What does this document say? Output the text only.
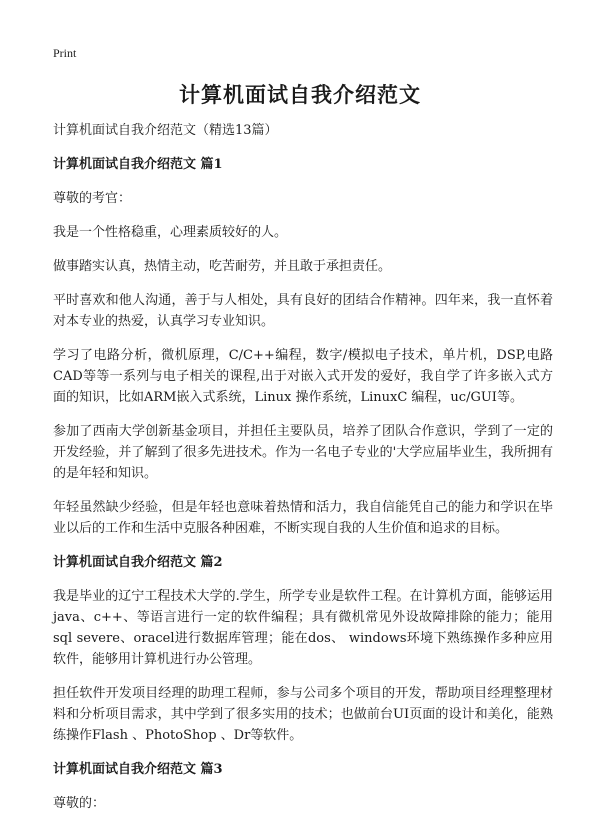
Print
计算机面试自我介绍范文

计算机面试自我介绍范文（精选13篇）

计算机面试自我介绍范文 篇1

尊敬的考官：

我是一个性格稳重，心理素质较好的人。

做事踏实认真，热情主动，吃苦耐劳，并且敢于承担责任。

平时喜欢和他人沟通，善于与人相处，具有良好的团结合作精神。四年来，我一直怀着对本专业的热爱，认真学习专业知识。

学习了电路分析，微机原理，C/C++编程，数字/模拟电子技术，单片机，DSP,电路CAD等等一系列与电子相关的课程,出于对嵌入式开发的爱好，我自学了许多嵌入式方面的知识，比如ARM嵌入式系统，Linux 操作系统，LinuxC 编程，uc/GUI等。

参加了西南大学创新基金项目，并担任主要队员，培养了团队合作意识，学到了一定的开发经验，并了解到了很多先进技术。作为一名电子专业的'大学应届毕业生，我所拥有的是年轻和知识。

年轻虽然缺少经验，但是年轻也意味着热情和活力，我自信能凭自己的能力和学识在毕业以后的工作和生活中克服各种困难，不断实现自我的人生价值和追求的目标。

计算机面试自我介绍范文 篇2

我是毕业的辽宁工程技术大学的.学生，所学专业是软件工程。在计算机方面，能够运用java、c++、等语言进行一定的软件编程；具有微机常见外设故障排除的能力；能用sql severe、oracel进行数据库管理；能在dos、 windows环境下熟练操作多种应用软件，能够用计算机进行办公管理。

担任软件开发项目经理的助理工程师，参与公司多个项目的开发，帮助项目经理整理材料和分析项目需求，其中学到了很多实用的技术；也做前台UI页面的设计和美化，能熟练操作Flash 、PhotoShop 、Dr等软件。

计算机面试自我介绍范文 篇3

尊敬的：
